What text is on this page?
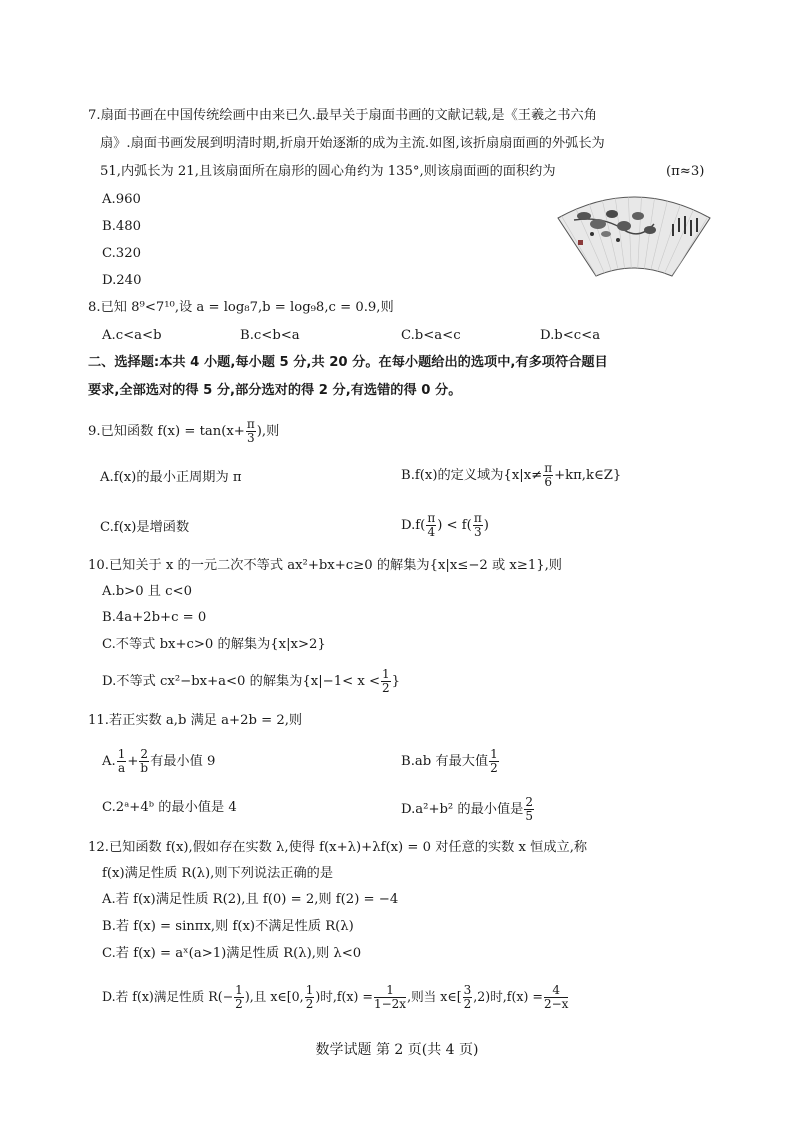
7.扇面书画在中国传统绘画中由来已久.最早关于扇面书画的文献记载,是《王羲之书六角
扇》.扇面书画发展到明清时期,折扇开始逐渐的成为主流.如图,该折扇扇面画的外弧长为
51,内弧长为 21,且该扇面所在扇形的圆心角约为 135°,则该扇面画的面积约为	(π≈3)
A.960
B.480
C.320
D.240
8.已知 8⁹<7¹⁰,设 a = log₈7,b = log₉8,c = 0.9,则
A.c<a<b	B.c<b<a	C.b<a<c	D.b<c<a
二、选择题:本共 4 小题,每小题 5 分,共 20 分。在每小题给出的选项中,有多项符合题目
要求,全部选对的得 5 分,部分选对的得 2 分,有选错的得 0 分。
9.已知函数 $f(x) = \tan(x+ \frac{\pi}{3}$ ),则
A.f(x)的最小正周期为 π	B.f(x)的定义域为{$x|x\ne \frac{\pi}{6}$ +kπ,k∈Z}
C.f(x)是增函数	$D.f( \frac{\pi}{4}$ ) < $f( \frac{\pi}{3}$ )
10.已知关于 x 的一元二次不等式 ax²+bx+c≥0 的解集为{x|x≤−2 或 x≥1},则
A.b>0 且 c<0
B.4a+2b+c = 0
C.不等式 bx+c>0 的解集为{x|x>2}
D.不等式 cx²−bx+a<0 的解集为{$x|-1< x < \frac{1}{2}$ }
11.若正实数 a,b 满足 a+2b = 2,则
A. $\frac{1}{a} + \frac{2}{b}$ 有最小值 9	B.ab 有最大值 $\frac{1}{2}$
C.2ᵃ+4ᵇ 的最小值是 4	D.a²+b² 的最小值是 $\frac{2}{5}$
12.已知函数 f(x),假如存在实数 λ,使得 f(x+λ)+λf(x) = 0 对任意的实数 x 恒成立,称
f(x)满足性质 R(λ),则下列说法正确的是
A.若 f(x)满足性质 R(2),且 f(0) = 2,则 f(2) = −4
B.若 f(x) = sinπx,则 f(x)不满足性质 R(λ)
C.若 f(x) = aˣ(a>1)满足性质 R(λ),则 λ<0
D.若 f(x)满足性质 $R(- \frac{1}{2}$ ),且 x∈[0, $\frac{1}{2}$ )时$,f(x) = \frac{1}{1-2x}$ ,则当 x∈[ $\frac{3}{2} ,2$)时$,f(x) = \frac{4}{2-x}$
数学试题 第 2 页(共 4 页)
